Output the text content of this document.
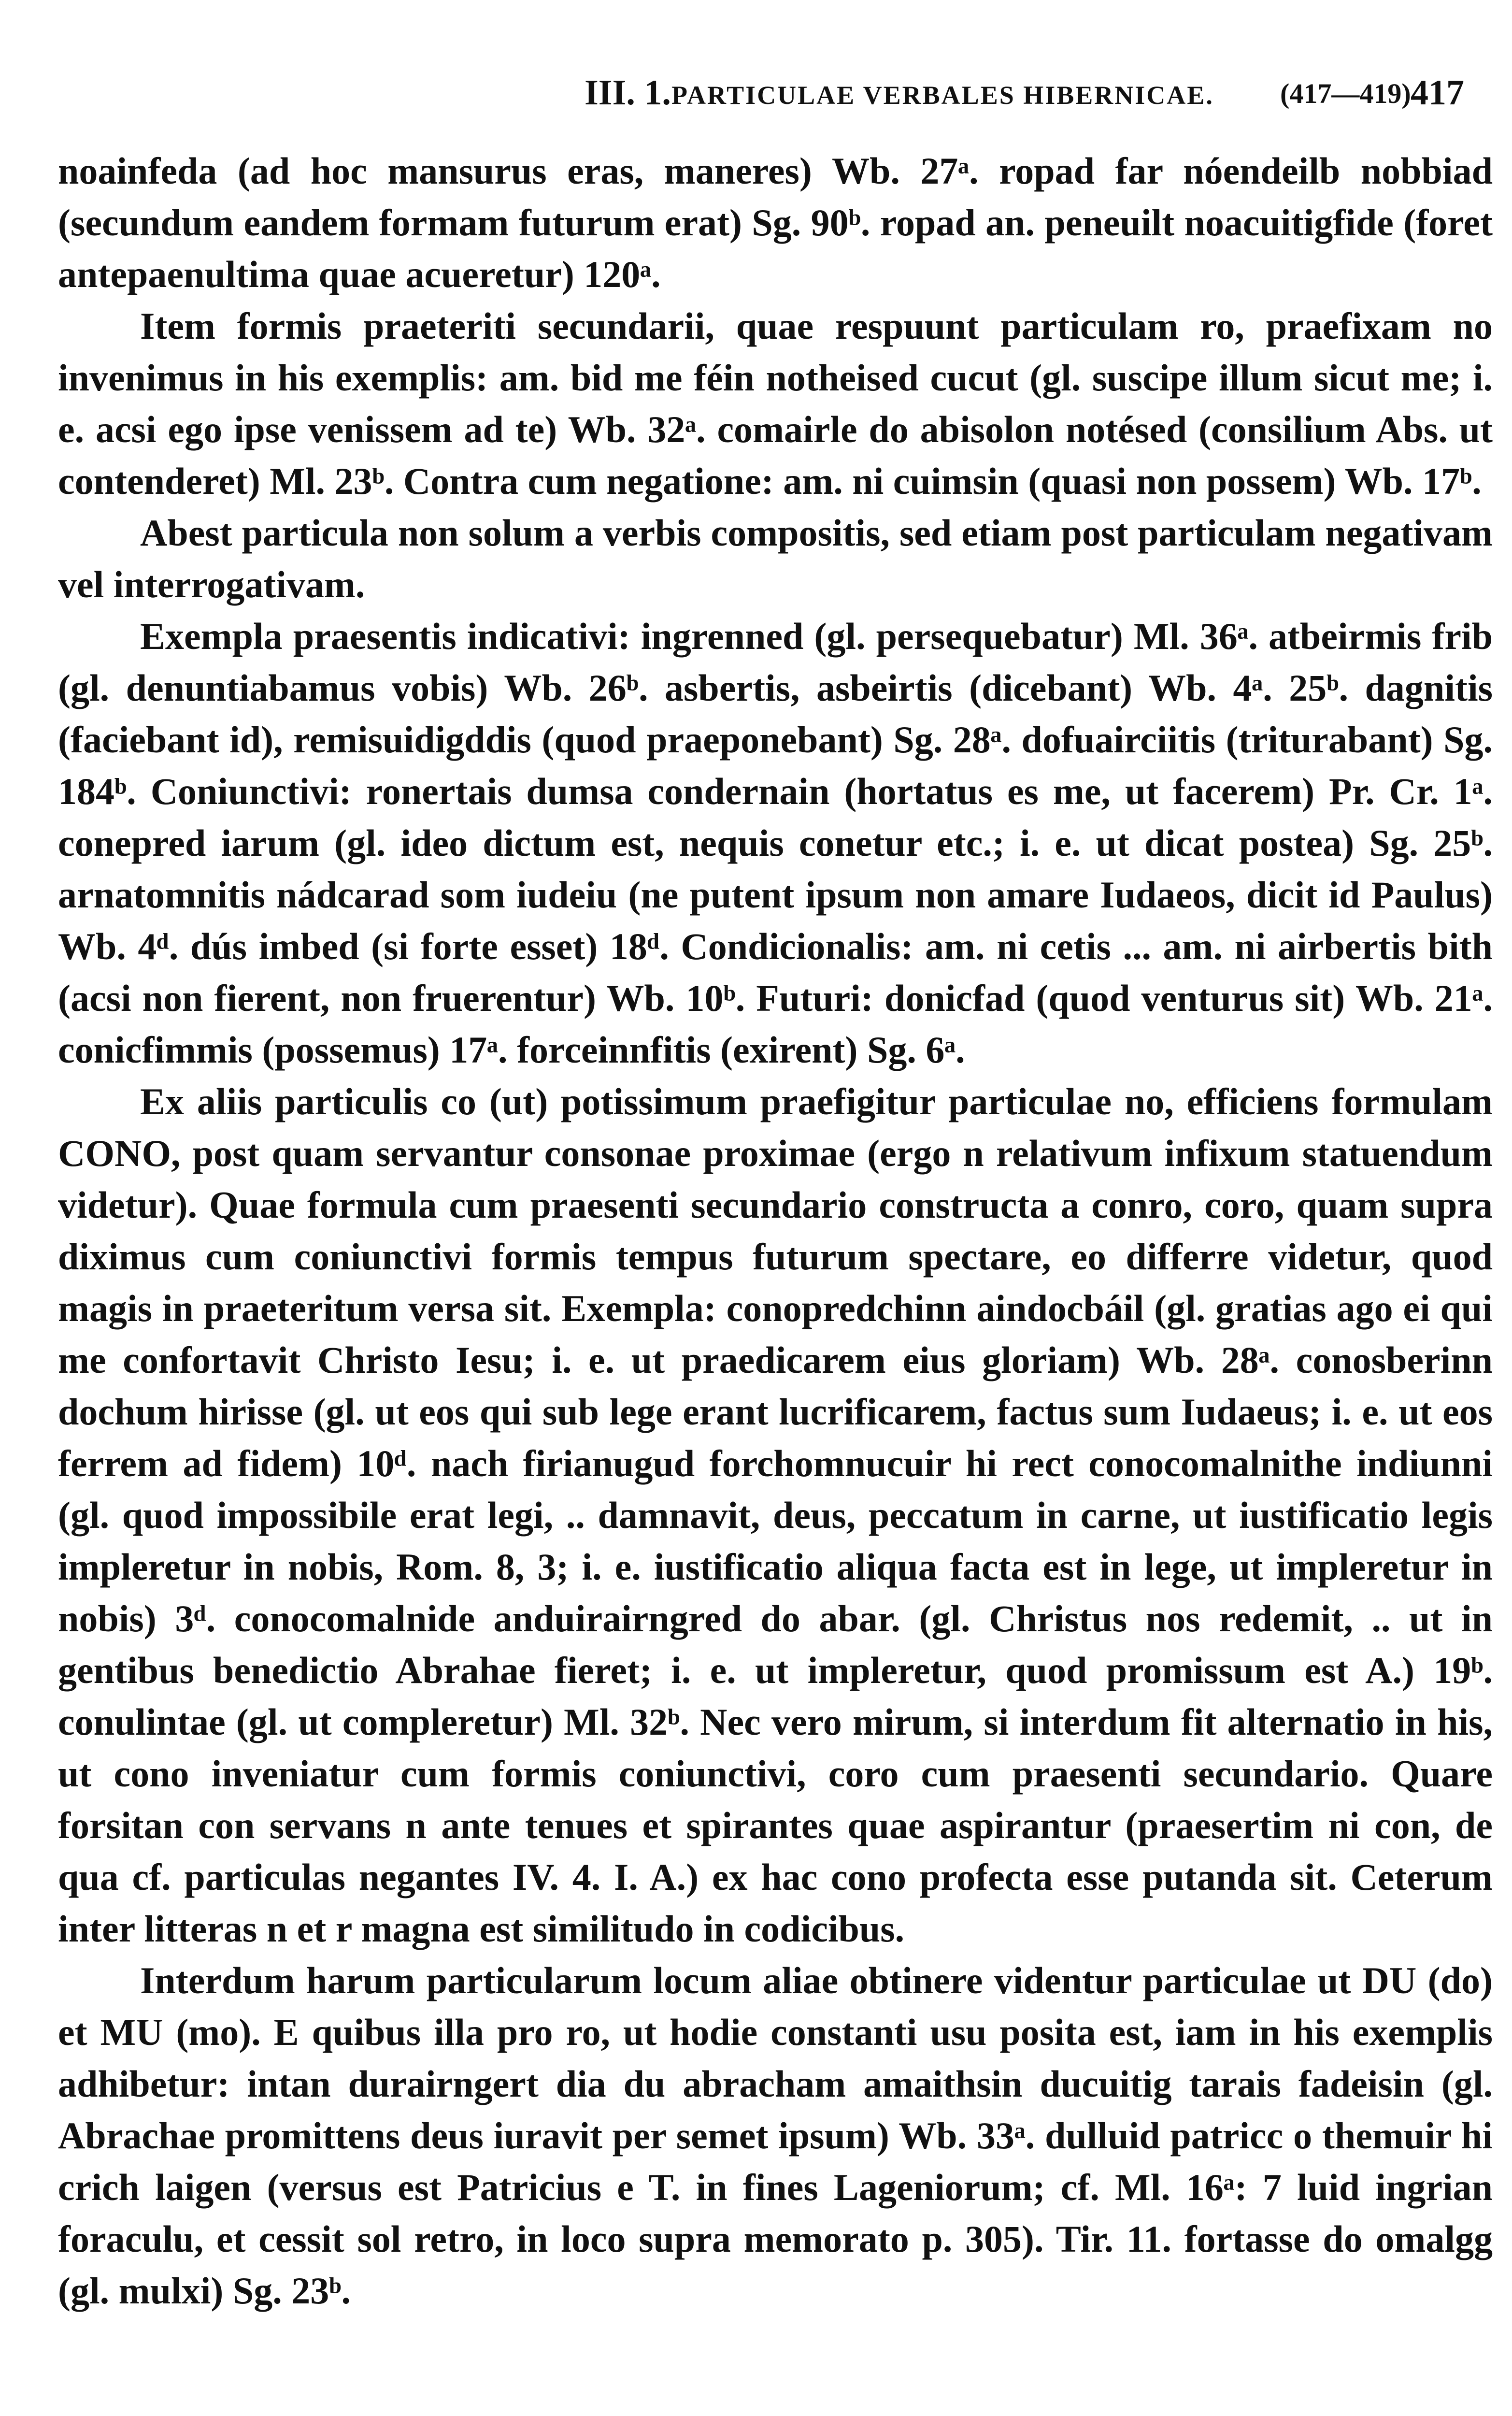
III. 1. PARTICULAE VERBALES HIBERNICAE. (417—419) 417

noainfeda (ad hoc mansurus eras, maneres) Wb. 27ᵃ. ropad far nóendeilb nobbiad (secundum eandem formam futurum erat) Sg. 90ᵇ. ropad an. peneuilt noacuitigfide (foret antepaenultima quae acueretur) 120ᵃ.

Item formis praeteriti secundarii, quae respuunt particulam ro, praefixam no invenimus in his exemplis: am. bid me féin notheised cucut (gl. suscipe illum sicut me; i. e. acsi ego ipse venissem ad te) Wb. 32ᵃ. comairle do abisolon notésed (consilium Abs. ut contenderet) Ml. 23ᵇ. Contra cum negatione: am. ni cuimsin (quasi non possem) Wb. 17ᵇ.

Abest particula non solum a verbis compositis, sed etiam post particulam negativam vel interrogativam.

Exempla praesentis indicativi: ingrenned (gl. persequebatur) Ml. 36ᵃ. atbeirmis frib (gl. denuntiabamus vobis) Wb. 26ᵇ. asbertis, asbeirtis (dicebant) Wb. 4ᵃ. 25ᵇ. dagnitis (faciebant id), remisuidigddis (quod praeponebant) Sg. 28ᵃ. dofuairciitis (triturabant) Sg. 184ᵇ. Coniunctivi: ronertais dumsa condernain (hortatus es me, ut facerem) Pr. Cr. 1ᵃ. conepred iarum (gl. ideo dictum est, nequis conetur etc.; i. e. ut dicat postea) Sg. 25ᵇ. arnatomnitis nádcarad som iudeiu (ne putent ipsum non amare Iudaeos, dicit id Paulus) Wb. 4ᵈ. dús imbed (si forte esset) 18ᵈ. Condicionalis: am. ni cetis ... am. ni airbertis bith (acsi non fierent, non fruerentur) Wb. 10ᵇ. Futuri: donicfad (quod venturus sit) Wb. 21ᵃ. conicfimmis (possemus) 17ᵃ. forceinnfitis (exirent) Sg. 6ᵃ.

Ex aliis particulis co (ut) potissimum praefigitur particulae no, efficiens formulam CONO, post quam servantur consonae proximae (ergo n relativum infixum statuendum videtur). Quae formula cum praesenti secundario constructa a conro, coro, quam supra diximus cum coniunctivi formis tempus futurum spectare, eo differre videtur, quod magis in praeteritum versa sit. Exempla: conopredchinn aindocbáil (gl. gratias ago ei qui me confortavit Christo Iesu; i. e. ut praedicarem eius gloriam) Wb. 28ᵃ. conosberinn dochum hirisse (gl. ut eos qui sub lege erant lucrificarem, factus sum Iudaeus; i. e. ut eos ferrem ad fidem) 10ᵈ. nach firianugud forchomnucuir hi rect conocomalnithe indiunni (gl. quod impossibile erat legi, .. damnavit, deus, peccatum in carne, ut iustificatio legis impleretur in nobis, Rom. 8, 3; i. e. iustificatio aliqua facta est in lege, ut impleretur in nobis) 3ᵈ. conocomalnide anduirairngred do abar. (gl. Christus nos redemit, .. ut in gentibus benedictio Abrahae fieret; i. e. ut impleretur, quod promissum est A.) 19ᵇ. conulintae (gl. ut compleretur) Ml. 32ᵇ. Nec vero mirum, si interdum fit alternatio in his, ut cono inveniatur cum formis coniunctivi, coro cum praesenti secundario. Quare forsitan con servans n ante tenues et spirantes quae aspirantur (praesertim ni con, de qua cf. particulas negantes IV. 4. I. A.) ex hac cono profecta esse putanda sit. Ceterum inter litteras n et r magna est similitudo in codicibus.

Interdum harum particularum locum aliae obtinere videntur particulae ut DU (do) et MU (mo). E quibus illa pro ro, ut hodie constanti usu posita est, iam in his exemplis adhibetur: intan durairngert dia du abracham amaithsin ducuitig tarais fadeisin (gl. Abrachae promittens deus iuravit per semet ipsum) Wb. 33ᵃ. dulluid patricc o themuir hi crich laigen (versus est Patricius e T. in fines Lageniorum; cf. Ml. 16ᵃ: 7 luid ingrian foraculu, et cessit sol retro, in loco supra memorato p. 305). Tir. 11. fortasse do omalgg (gl. mulxi) Sg. 23ᵇ.
